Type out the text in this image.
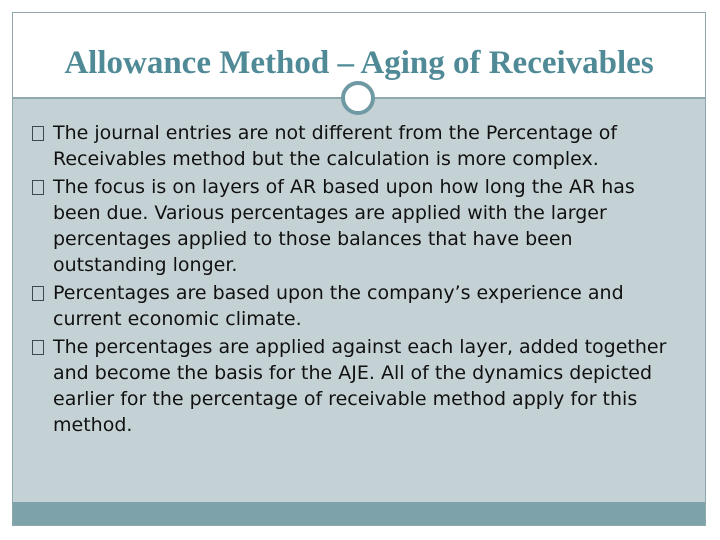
Allowance Method – Aging of Receivables
The journal entries are not different from the Percentage of Receivables method but the calculation is more complex.
The focus is on layers of AR based upon how long the AR has been due. Various percentages are applied with the larger percentages applied to those balances that have been outstanding longer.
Percentages are based upon the company’s experience and current economic climate.
The percentages are applied against each layer, added together and become the basis for the AJE. All of the dynamics depicted earlier for the percentage of receivable method apply for this method.
